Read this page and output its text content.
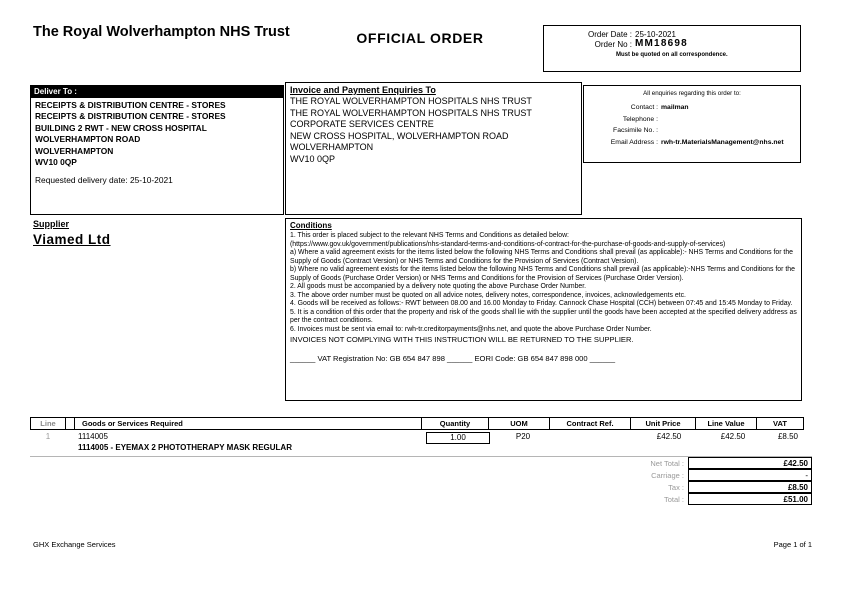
The Royal Wolverhampton NHS Trust	OFFICIAL ORDER	Order Date : 25-10-2021
Order No : MM18698
Must be quoted on all correspondence.
Deliver To :
RECEIPTS & DISTRIBUTION CENTRE - STORES
RECEIPTS & DISTRIBUTION CENTRE - STORES
BUILDING 2 RWT - NEW CROSS HOSPITAL
WOLVERHAMPTON ROAD
WOLVERHAMPTON
WV10 0QP
Requested delivery date: 25-10-2021
Invoice and Payment Enquiries To
THE ROYAL WOLVERHAMPTON HOSPITALS NHS TRUST
THE ROYAL WOLVERHAMPTON HOSPITALS NHS TRUST
CORPORATE SERVICES CENTRE
NEW CROSS HOSPITAL, WOLVERHAMPTON ROAD
WOLVERHAMPTON
WV10 0QP
All enquiries regarding this order to:
Contact : mailman
Telephone :
Facsimile No. :
Email Address : rwh-tr.MaterialsManagement@nhs.net
Supplier
Viamed Ltd
Conditions
1. This order is placed subject to the relevant NHS Terms and Conditions as detailed below:
(https://www.gov.uk/government/publications/nhs-standard-terms-and-conditions-of-contract-for-the-purchase-of-goods-and-supply-of-services)
a) Where a valid agreement exists for the items listed below the following NHS Terms and Conditions shall prevail (as applicable):- NHS Terms and Conditions for the Supply of Goods (Contract Version) or NHS Terms and Conditions for the Provision of Services (Contract Version).
b) Where no valid agreement exists for the items listed below the following NHS Terms and Conditions shall prevail (as applicable):-NHS Terms and Conditions for the Supply of Goods (Purchase Order Version) or NHS Terms and Conditions for the Provision of Services (Purchase Order Version).
2. All goods must be accompanied by a delivery note quoting the above Purchase Order Number.
3. The above order number must be quoted on all advice notes, delivery notes, correspondence, invoices, acknowledgements etc.
4. Goods will be received as follows:- RWT between 08.00 and 16.00 Monday to Friday. Cannock Chase Hospital (CCH) between 07:45 and 15:45 Monday to Friday.
5. It is a condition of this order that the property and risk of the goods shall lie with the supplier until the goods have been accepted at the specified delivery address as per the contract conditions.
6. Invoices must be sent via email to: rwh-tr.creditorpayments@nhs.net, and quote the above Purchase Order Number.
INVOICES NOT COMPLYING WITH THIS INSTRUCTION WILL BE RETURNED TO THE SUPPLIER.
______ VAT Registration No: GB 654 847 898 ______ EORI Code: GB 654 847 898 000 ______
Line	Goods or Services Required	Quantity	UOM	Contract Ref.	Unit Price	Line Value	VAT
1	1114005
1114005 - EYEMAX 2 PHOTOTHERAPY MASK REGULAR
1.00	P20	£42.50	£42.50	£8.50
Net Total :	£42.50
Carriage :	-
Tax :	£8.50
Total :	£51.00
GHX Exchange Services	Page 1 of 1
